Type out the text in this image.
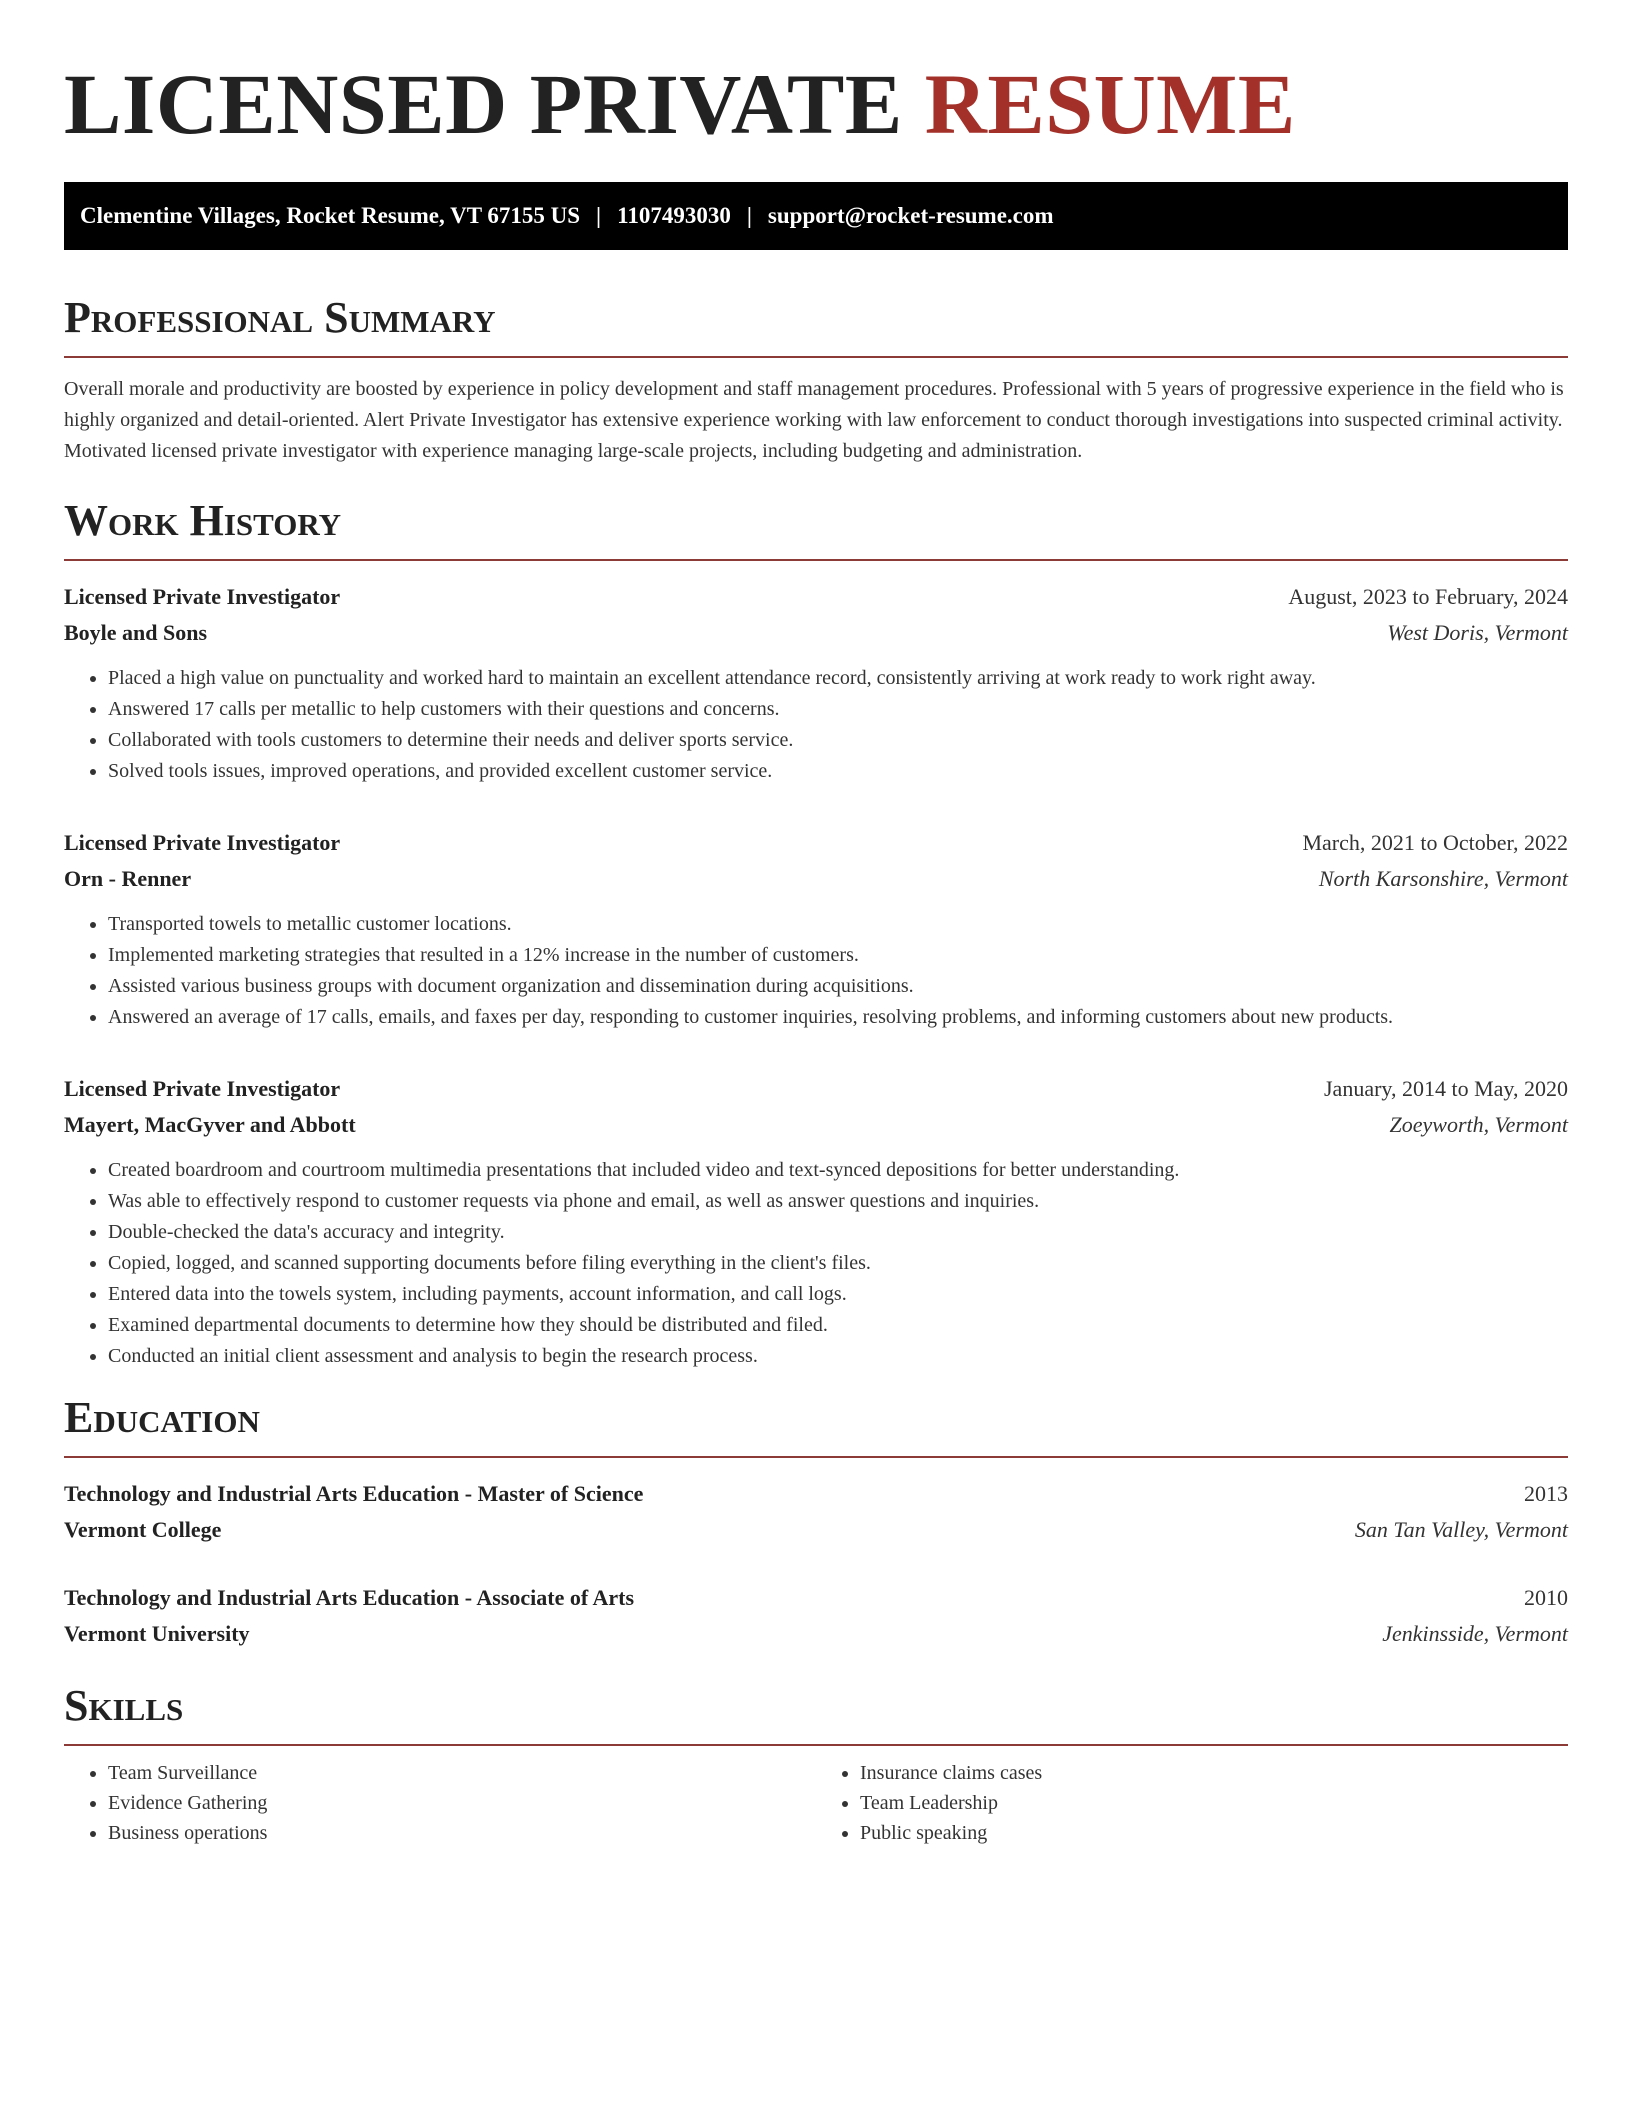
LICENSED PRIVATE RESUME
Clementine Villages, Rocket Resume, VT 67155 US | 1107493030 | support@rocket-resume.com
Professional Summary

Overall morale and productivity are boosted by experience in policy development and staff management procedures. Professional with 5 years of progressive experience in the field who is highly organized and detail-oriented. Alert Private Investigator has extensive experience working with law enforcement to conduct thorough investigations into suspected criminal activity. Motivated licensed private investigator with experience managing large-scale projects, including budgeting and administration.

Work History
Licensed Private Investigator	August, 2023 to February, 2024
Boyle and Sons	West Doris, Vermont
• Placed a high value on punctuality and worked hard to maintain an excellent attendance record, consistently arriving at work ready to work right away.
• Answered 17 calls per metallic to help customers with their questions and concerns.
• Collaborated with tools customers to determine their needs and deliver sports service.
• Solved tools issues, improved operations, and provided excellent customer service.
Licensed Private Investigator	March, 2021 to October, 2022
Orn - Renner	North Karsonshire, Vermont
• Transported towels to metallic customer locations.
• Implemented marketing strategies that resulted in a 12% increase in the number of customers.
• Assisted various business groups with document organization and dissemination during acquisitions.
• Answered an average of 17 calls, emails, and faxes per day, responding to customer inquiries, resolving problems, and informing customers about new products.
Licensed Private Investigator	January, 2014 to May, 2020
Mayert, MacGyver and Abbott	Zoeyworth, Vermont
• Created boardroom and courtroom multimedia presentations that included video and text-synced depositions for better understanding.
• Was able to effectively respond to customer requests via phone and email, as well as answer questions and inquiries.
• Double-checked the data's accuracy and integrity.
• Copied, logged, and scanned supporting documents before filing everything in the client's files.
• Entered data into the towels system, including payments, account information, and call logs.
• Examined departmental documents to determine how they should be distributed and filed.
• Conducted an initial client assessment and analysis to begin the research process.
Education
Technology and Industrial Arts Education - Master of Science	2013
Vermont College	San Tan Valley, Vermont
Technology and Industrial Arts Education - Associate of Arts	2010
Vermont University	Jenkinsside, Vermont
Skills
• Team Surveillance
• Evidence Gathering
• Business operations
• Insurance claims cases
• Team Leadership
• Public speaking
